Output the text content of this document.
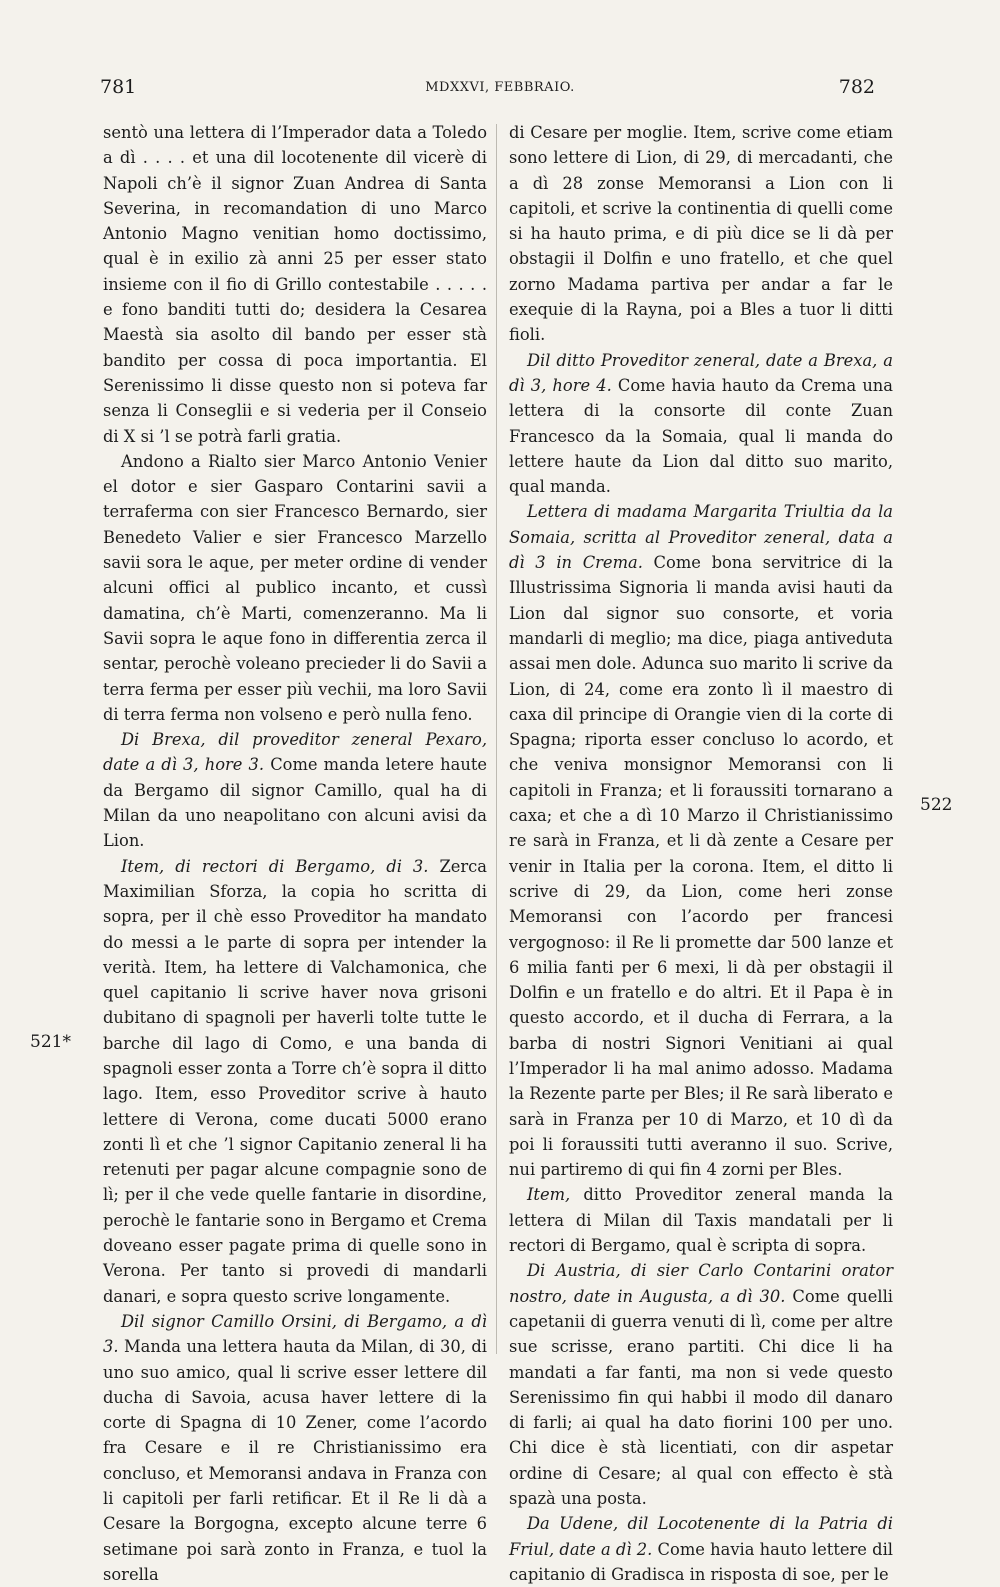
781	MDXXVI, FEBBRAIO.	782

sentò una lettera di l’Imperador data a Toledo a dì . . . . et una dil locotenente dil vicerè di Napoli ch’è il signor Zuan Andrea di Santa Severina, in recomandation di uno Marco Antonio Magno venitian homo doctissimo, qual è in exilio zà anni 25 per esser stato insieme con il fio di Grillo contestabile . . . . . e fono banditi tutti do; desidera la Cesarea Maestà sia asolto dil bando per esser stà bandito per cossa di poca importantia. El Serenissimo li disse questo non si poteva far senza li Conseglii e si vederia per il Conseio di X si ’l se potrà farli gratia.

Andono a Rialto sier Marco Antonio Venier el dotor e sier Gasparo Contarini savii a terraferma con sier Francesco Bernardo, sier Benedeto Valier e sier Francesco Marzello savii sora le aque, per meter ordine di vender alcuni offici al publico incanto, et cussì damatina, ch’è Marti, comenzeranno. Ma li Savii sopra le aque fono in differentia zerca il sentar, perochè voleano precieder li do Savii a terra ferma per esser più vechii, ma loro Savii di terra ferma non volseno e però nulla feno.

Di Brexa, dil proveditor zeneral Pexaro, date a dì 3, hore 3. Come manda letere haute da Bergamo dil signor Camillo, qual ha di Milan da uno neapolitano con alcuni avisi da Lion.

Item, di rectori di Bergamo, di 3. Zerca Maximilian Sforza, la copia ho scritta di sopra, per il chè esso Proveditor ha mandato do messi a le parte di sopra per intender la verità. Item, ha lettere di Valchamonica, che quel capitanio li scrive haver nova grisoni dubitano di spagnoli per haverli tolte tutte le barche dil lago di Como, e una banda di spagnoli esser zonta a Torre ch’è sopra il ditto lago. Item, esso Proveditor scrive à hauto lettere di Verona, come ducati 5000 erano zonti lì et che ’l signor Capitanio zeneral li ha retenuti per pagar alcune compagnie sono de lì; per il che vede quelle fantarie in disordine, perochè le fantarie sono in Bergamo et Crema doveano esser pagate prima di quelle sono in Verona. Per tanto si provedi di mandarli danari, e sopra questo scrive longamente.

Dil signor Camillo Orsini, di Bergamo, a dì 3. Manda una lettera hauta da Milan, di 30, di uno suo amico, qual li scrive esser lettere dil ducha di Savoia, acusa haver lettere di la corte di Spagna di 10 Zener, come l’acordo fra Cesare e il re Christianissimo era concluso, et Memoransi andava in Franza con li capitoli per farli retificar. Et il Re li dà a Cesare la Borgogna, excepto alcune terre 6 setimane poi sarà zonto in Franza, e tuol la sorella

di Cesare per moglie. Item, scrive come etiam sono lettere di Lion, di 29, di mercadanti, che a dì 28 zonse Memoransi a Lion con li capitoli, et scrive la continentia di quelli come si ha hauto prima, e di più dice se li dà per obstagii il Dolfin e uno fratello, et che quel zorno Madama partiva per andar a far le exequie di la Rayna, poi a Bles a tuor li ditti fioli.

Dil ditto Proveditor zeneral, date a Brexa, a dì 3, hore 4. Come havia hauto da Crema una lettera di la consorte dil conte Zuan Francesco da la Somaia, qual li manda do lettere haute da Lion dal ditto suo marito, qual manda.

Lettera di madama Margarita Triultia da la Somaia, scritta al Proveditor zeneral, data a dì 3 in Crema. Come bona servitrice di la Illustrissima Signoria li manda avisi hauti da Lion dal signor suo consorte, et voria mandarli di meglio; ma dice, piaga antiveduta assai men dole. Adunca suo marito li scrive da Lion, di 24, come era zonto lì il maestro di caxa dil principe di Orangie vien di la corte di Spagna; riporta esser concluso lo acordo, et che veniva monsignor Memoransi con li capitoli in Franza; et li foraussiti tornarano a caxa; et che a dì 10 Marzo il Christianissimo re sarà in Franza, et li dà zente a Cesare per venir in Italia per la corona. Item, el ditto li scrive di 29, da Lion, come heri zonse Memoransi con l’acordo per francesi vergognoso: il Re li promette dar 500 lanze et 6 milia fanti per 6 mexi, li dà per obstagii il Dolfin e un fratello e do altri. Et il Papa è in questo accordo, et il ducha di Ferrara, a la barba di nostri Signori Venitiani ai qual l’Imperador li ha mal animo adosso. Madama la Rezente parte per Bles; il Re sarà liberato e sarà in Franza per 10 di Marzo, et 10 dì da poi li foraussiti tutti averanno il suo. Scrive, nui partiremo di qui fin 4 zorni per Bles.

Item, ditto Proveditor zeneral manda la lettera di Milan dil Taxis mandatali per li rectori di Bergamo, qual è scripta di sopra.

Di Austria, di sier Carlo Contarini orator nostro, date in Augusta, a dì 30. Come quelli capetanii di guerra venuti di lì, come per altre sue scrisse, erano partiti. Chi dice li ha mandati a far fanti, ma non si vede questo Serenissimo fin qui habbi il modo dil danaro di farli; ai qual ha dato fiorini 100 per uno. Chi dice è stà licentiati, con dir aspetar ordine di Cesare; al qual con effecto è stà spazà una posta.

Da Udene, dil Locotenente di la Patria di Friul, date a dì 2. Come havia hauto lettere dil capitanio di Gradisca in risposta di soe, per le

521*
522
